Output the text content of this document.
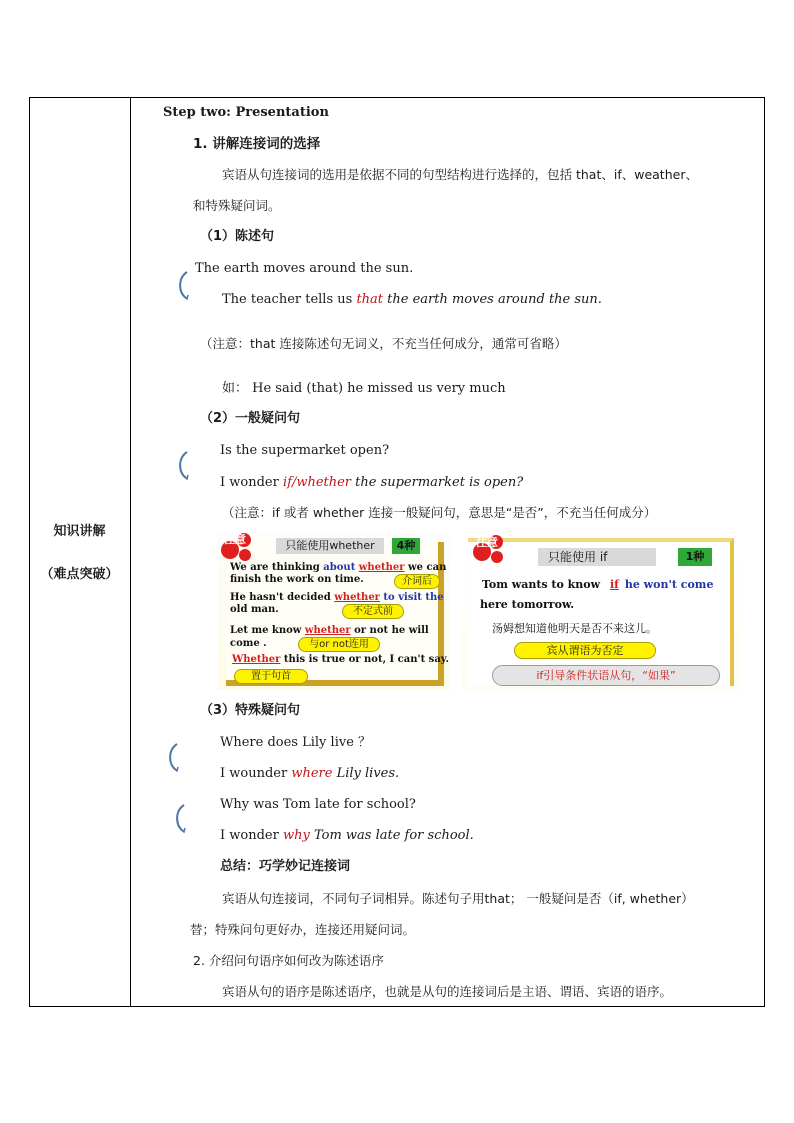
知识讲解
（难点突破）
Step two: Presentation
1. 讲解连接词的选择
宾语从句连接词的选用是依据不同的句型结构进行选择的，包括 that、if、weather、
和特殊疑问词。
（1）陈述句
The earth moves around the sun.
The teacher tells us that the earth moves around the sun.
（注意：that 连接陈述句无词义，不充当任何成分，通常可省略）
如： He said (that) he missed us very much
（2）一般疑问句
Is the supermarket open?
I wonder if/whether the supermarket is open?
（注意：if 或者 whether 连接一般疑问句，意思是“是否”，不充当任何成分）
注意	只能使用whether	4种
We are thinking about whether we can
finish the work on time.	介词后
He hasn't decided whether to visit the
old man.	不定式前
Let me know whether or not he will
come .	与or not连用
Whether this is true or not, I can't say.
置于句首
注意
只能使用 if	1种
Tom wants to know if he won't come
here tomorrow.
汤姆想知道他明天是否不来这儿。
宾从谓语为否定
if引导条件状语从句，“如果”
（3）特殊疑问句
Where does Lily live ？
I wounder where Lily lives.
Why was Tom late for school?
I wonder why Tom was late for school.
总结：巧学妙记连接词
宾语从句连接词，不同句子词相异。陈述句子用that； 一般疑问是否（if, whether）
替；特殊问句更好办，连接还用疑问词。
2. 介绍问句语序如何改为陈述语序
宾语从句的语序是陈述语序，也就是从句的连接词后是主语、谓语、宾语的语序。
